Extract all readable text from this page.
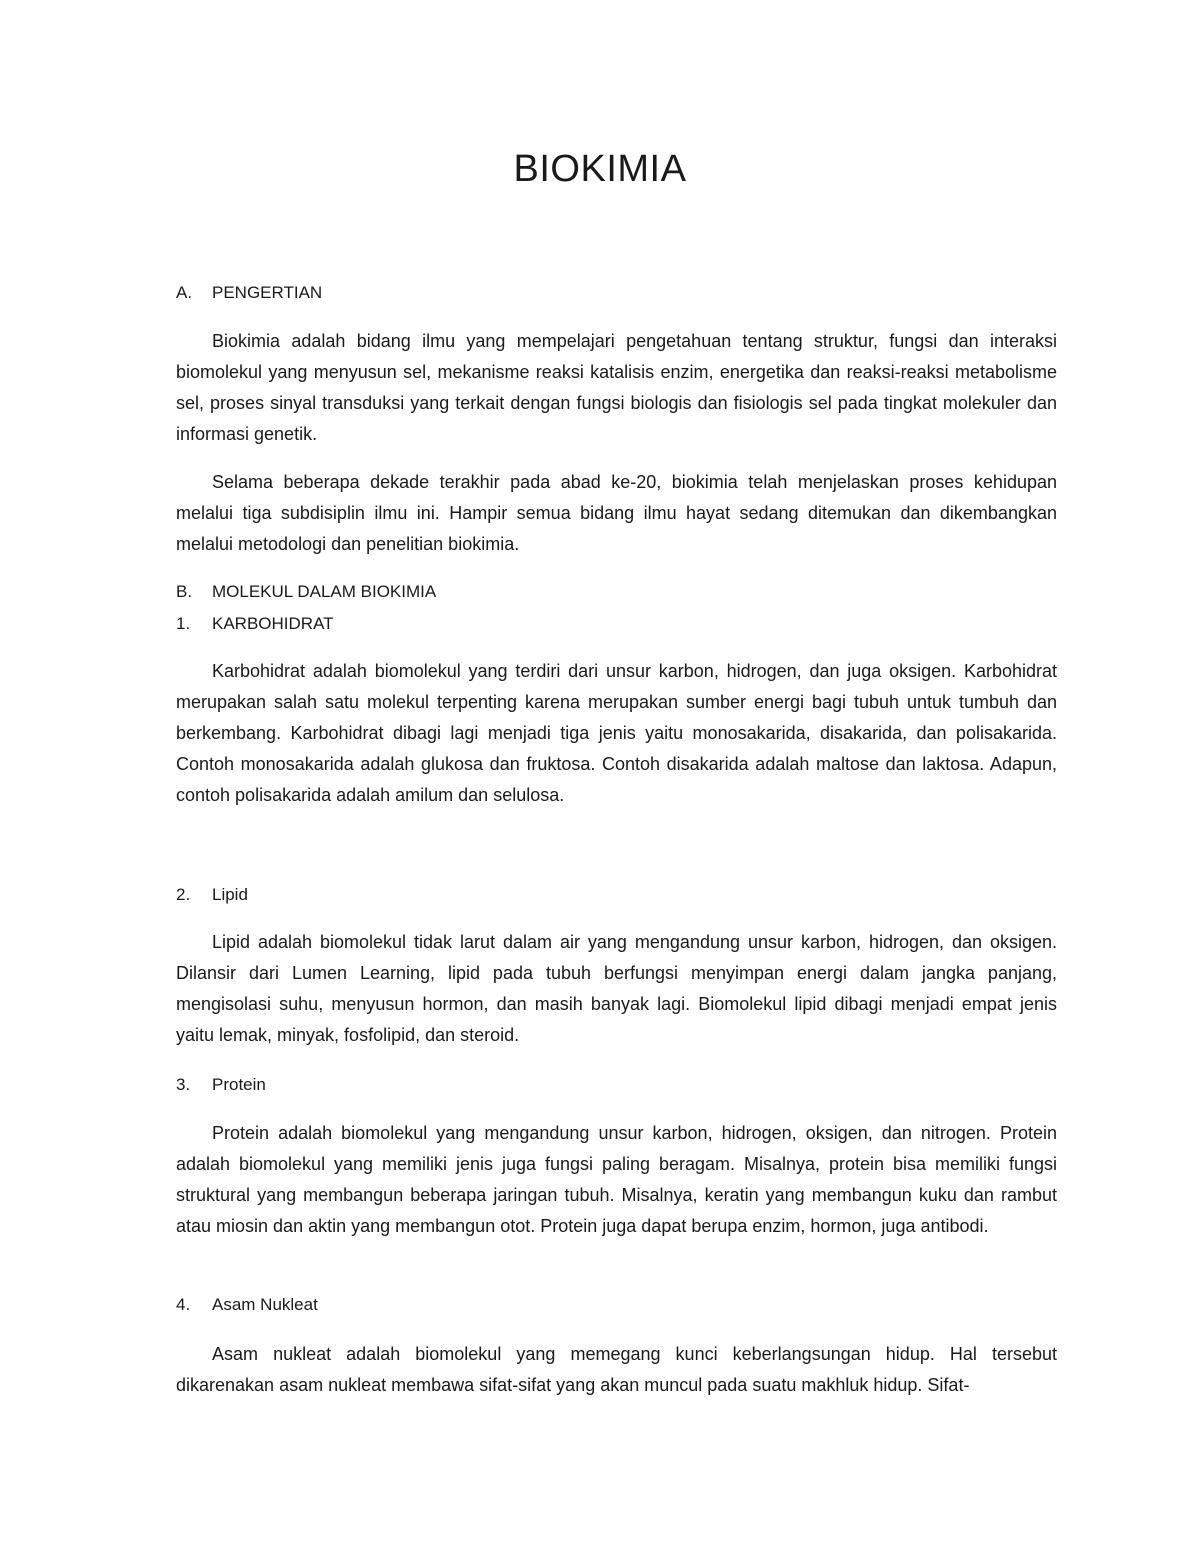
BIOKIMIA
A. PENGERTIAN

Biokimia adalah bidang ilmu yang mempelajari pengetahuan tentang struktur, fungsi dan interaksi biomolekul yang menyusun sel, mekanisme reaksi katalisis enzim, energetika dan reaksi-reaksi metabolisme sel, proses sinyal transduksi yang terkait dengan fungsi biologis dan fisiologis sel pada tingkat molekuler dan informasi genetik.

Selama beberapa dekade terakhir pada abad ke-20, biokimia telah menjelaskan proses kehidupan melalui tiga subdisiplin ilmu ini. Hampir semua bidang ilmu hayat sedang ditemukan dan dikembangkan melalui metodologi dan penelitian biokimia.

B. MOLEKUL DALAM BIOKIMIA
1. KARBOHIDRAT

Karbohidrat adalah biomolekul yang terdiri dari unsur karbon, hidrogen, dan juga oksigen. Karbohidrat merupakan salah satu molekul terpenting karena merupakan sumber energi bagi tubuh untuk tumbuh dan berkembang. Karbohidrat dibagi lagi menjadi tiga jenis yaitu monosakarida, disakarida, dan polisakarida. Contoh monosakarida adalah glukosa dan fruktosa. Contoh disakarida adalah maltose dan laktosa. Adapun, contoh polisakarida adalah amilum dan selulosa.

2. Lipid

Lipid adalah biomolekul tidak larut dalam air yang mengandung unsur karbon, hidrogen, dan oksigen. Dilansir dari Lumen Learning, lipid pada tubuh berfungsi menyimpan energi dalam jangka panjang, mengisolasi suhu, menyusun hormon, dan masih banyak lagi. Biomolekul lipid dibagi menjadi empat jenis yaitu lemak, minyak, fosfolipid, dan steroid.

3. Protein

Protein adalah biomolekul yang mengandung unsur karbon, hidrogen, oksigen, dan nitrogen. Protein adalah biomolekul yang memiliki jenis juga fungsi paling beragam. Misalnya, protein bisa memiliki fungsi struktural yang membangun beberapa jaringan tubuh. Misalnya, keratin yang membangun kuku dan rambut atau miosin dan aktin yang membangun otot. Protein juga dapat berupa enzim, hormon, juga antibodi.

4. Asam Nukleat

Asam nukleat adalah biomolekul yang memegang kunci keberlangsungan hidup. Hal tersebut dikarenakan asam nukleat membawa sifat-sifat yang akan muncul pada suatu makhluk hidup. Sifat-
